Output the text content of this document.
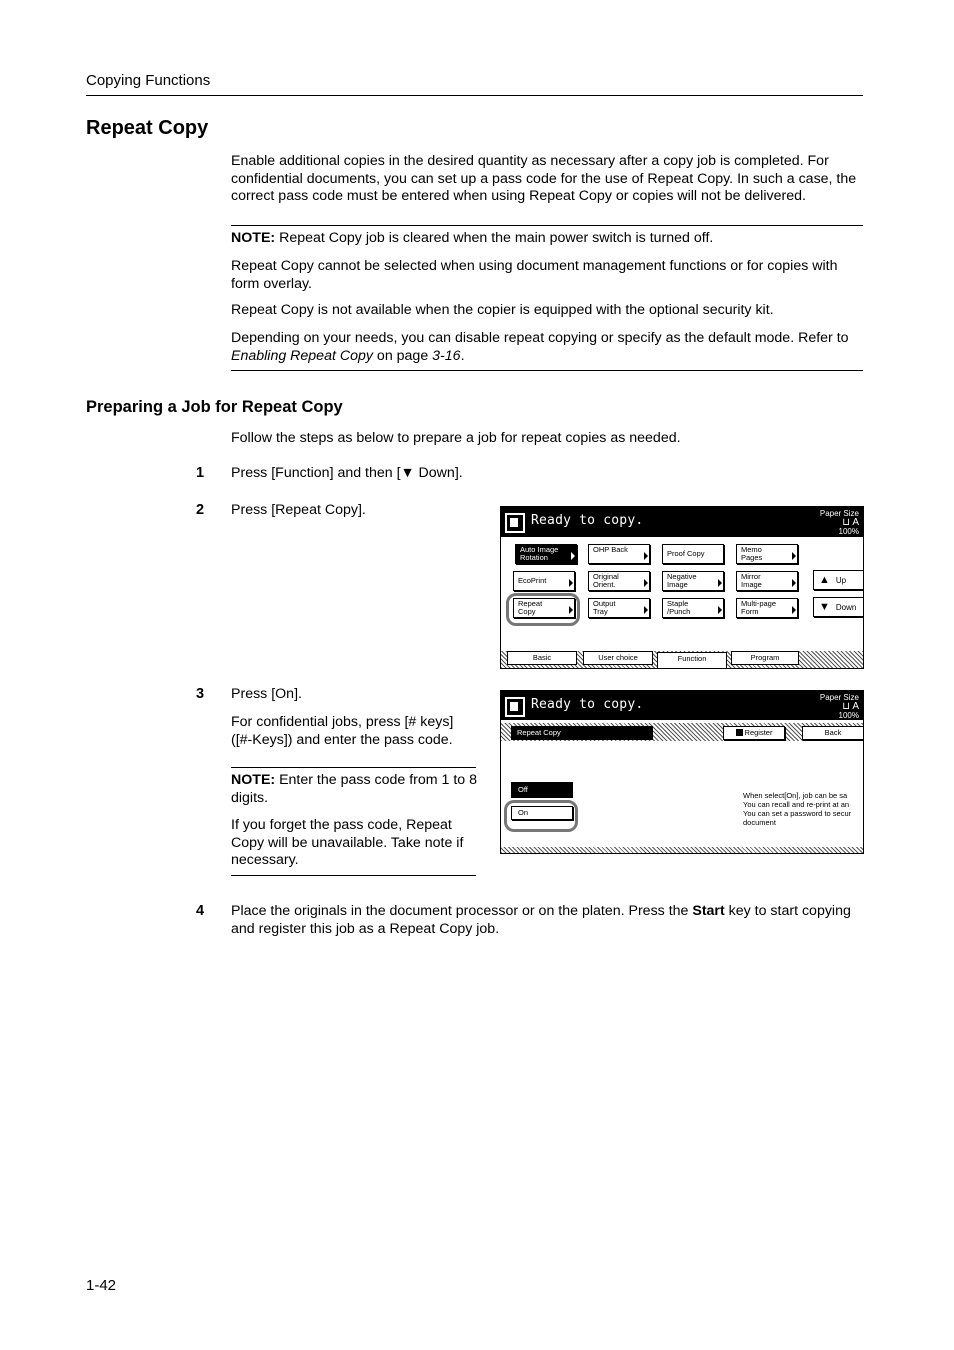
Copying Functions
Repeat Copy
Enable additional copies in the desired quantity as necessary after a copy job is completed. For confidential documents, you can set up a pass code for the use of Repeat Copy. In such a case, the correct pass code must be entered when using Repeat Copy or copies will not be delivered.
NOTE: Repeat Copy job is cleared when the main power switch is turned off.
Repeat Copy cannot be selected when using document management functions or for copies with form overlay.
Repeat Copy is not available when the copier is equipped with the optional security kit.
Depending on your needs, you can disable repeat copying or specify as the default mode. Refer to Enabling Repeat Copy on page 3-16.
Preparing a Job for Repeat Copy
Follow the steps as below to prepare a job for repeat copies as needed.
1 Press [Function] and then [▼ Down].
2 Press [Repeat Copy].
Ready to copy.	Paper Size
⊔ A
100%
Auto Image
Rotation
OHP Back	Proof Copy	Memo
Pages
EcoPrint	Original
Orient.
Negative
Image
Mirror
Image
Repeat
Copy
Output
Tray
Staple
/Punch
Multi-page
Form
▲ Up
▼ Down
Basic	User choice	Function	Program
3 Press [On].
For confidential jobs, press [# keys] ([#-Keys]) and enter the pass code.
NOTE: Enter the pass code from 1 to 8 digits.
If you forget the pass code, Repeat Copy will be unavailable. Take note if necessary.
Ready to copy.	Paper Size
⊔ A
100%
Repeat Copy	Register	Back
Off
On
When select[On], job can be sa
You can recall and re-print at an
You can set a password to secur
document
4 Place the originals in the document processor or on the platen. Press the Start key to start copying and register this job as a Repeat Copy job.
1-42
